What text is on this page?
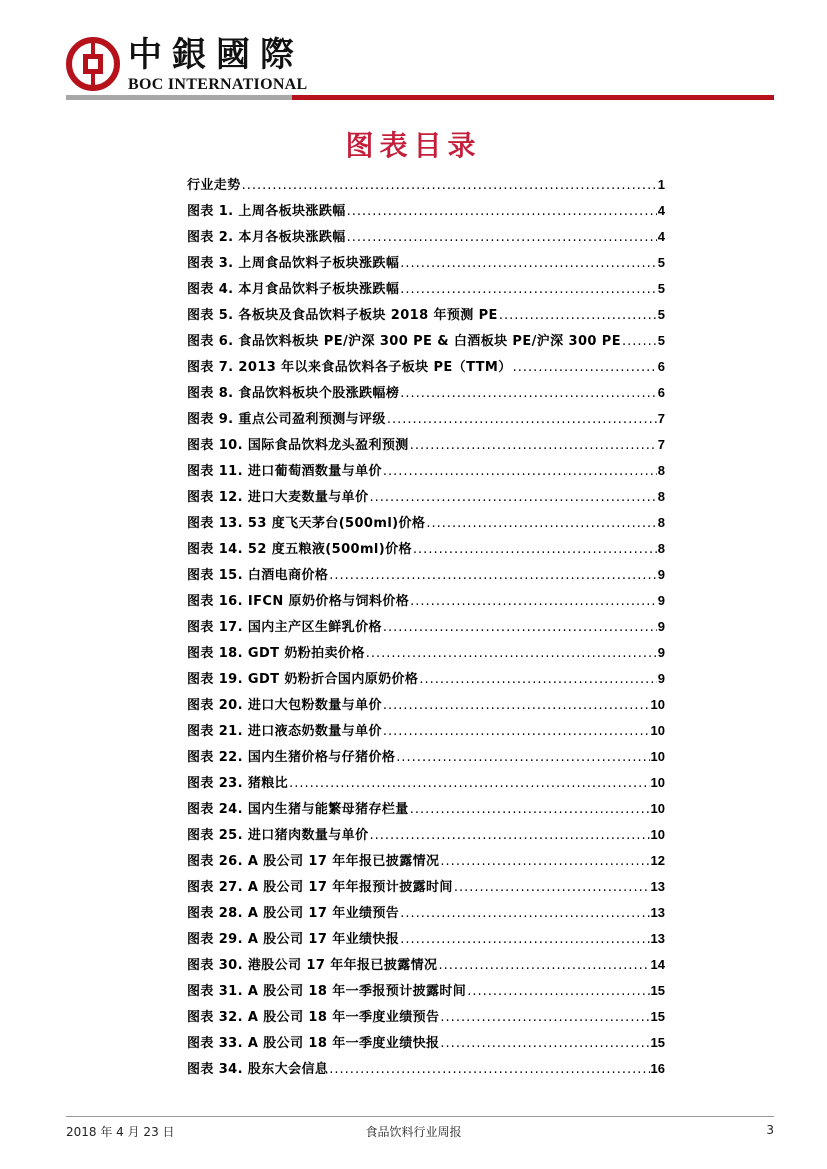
中銀國際
BOC INTERNATIONAL
图表目录
行业走势 .....	1
图表 1. 上周各板块涨跌幅 .....	4
图表 2. 本月各板块涨跌幅 .....	4
图表 3. 上周食品饮料子板块涨跌幅 .....	5
图表 4. 本月食品饮料子板块涨跌幅 .....	5
图表 5. 各板块及食品饮料子板块 2018 年预测 PE .....	5
图表 6. 食品饮料板块 PE/沪深 300 PE & 白酒板块 PE/沪深 300 PE .....	5
图表 7. 2013 年以来食品饮料各子板块 PE（TTM） .....	6
图表 8. 食品饮料板块个股涨跌幅榜 .....	6
图表 9. 重点公司盈利预测与评级 .....	7
图表 10. 国际食品饮料龙头盈利预测 .....	7
图表 11. 进口葡萄酒数量与单价 .....	8
图表 12. 进口大麦数量与单价 .....	8
图表 13. 53 度飞天茅台(500ml)价格 .....	8
图表 14. 52 度五粮液(500ml)价格 .....	8
图表 15. 白酒电商价格 .....	9
图表 16. IFCN 原奶价格与饲料价格 .....	9
图表 17. 国内主产区生鲜乳价格 .....	9
图表 18. GDT 奶粉拍卖价格 .....	9
图表 19. GDT 奶粉折合国内原奶价格 .....	9
图表 20. 进口大包粉数量与单价 .....	10
图表 21. 进口液态奶数量与单价 .....	10
图表 22. 国内生猪价格与仔猪价格 .....	10
图表 23. 猪粮比 .....	10
图表 24. 国内生猪与能繁母猪存栏量 .....	10
图表 25. 进口猪肉数量与单价 .....	10
图表 26. A 股公司 17 年年报已披露情况 .....	12
图表 27. A 股公司 17 年年报预计披露时间 .....	13
图表 28. A 股公司 17 年业绩预告 .....	13
图表 29. A 股公司 17 年业绩快报 .....	13
图表 30. 港股公司 17 年年报已披露情况 .....	14
图表 31. A 股公司 18 年一季报预计披露时间 .....	15
图表 32. A 股公司 18 年一季度业绩预告 .....	15
图表 33. A 股公司 18 年一季度业绩快报 .....	15
图表 34. 股东大会信息 .....	16
2018 年 4 月 23 日	食品饮料行业周报	3
